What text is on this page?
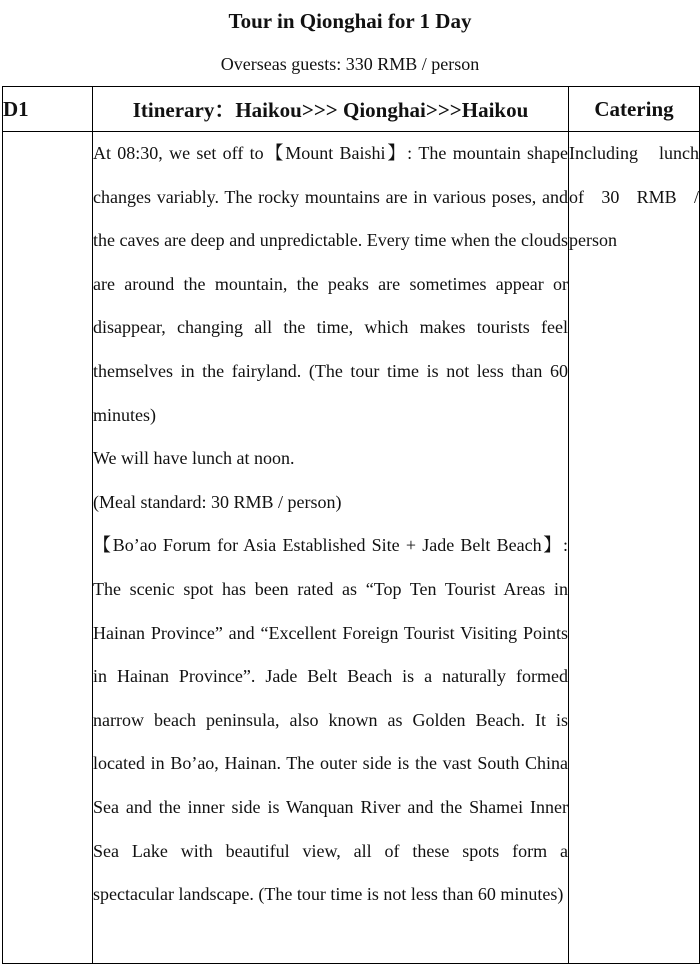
Tour in Qionghai for 1 Day
Overseas guests: 330 RMB / person
D1	Itinerary：Haikou>>> Qionghai>>>Haikou	Catering

	At 08:30, we set off to【Mount Baishi】: The mountain shape changes variably. The rocky mountains are in various poses, and the caves are deep and unpredictable. Every time when the clouds are around the mountain, the peaks are sometimes appear or disappear, changing all the time, which makes tourists feel themselves in the fairyland. (The tour time is not less than 60 minutes)

We will have lunch at noon.

(Meal standard: 30 RMB / person)

【Bo’ao Forum for Asia Established Site + Jade Belt Beach】: The scenic spot has been rated as “Top Ten Tourist Areas in Hainan Province” and “Excellent Foreign Tourist Visiting Points in Hainan Province”. Jade Belt Beach is a naturally formed narrow beach peninsula, also known as Golden Beach. It is located in Bo’ao, Hainan. The outer side is the vast South China Sea and the inner side is Wanquan River and the Shamei Inner Sea Lake with beautiful view, all of these spots form a spectacular landscape. (The tour time is not less than 60 minutes)	Including lunch of 30 RMB / person
